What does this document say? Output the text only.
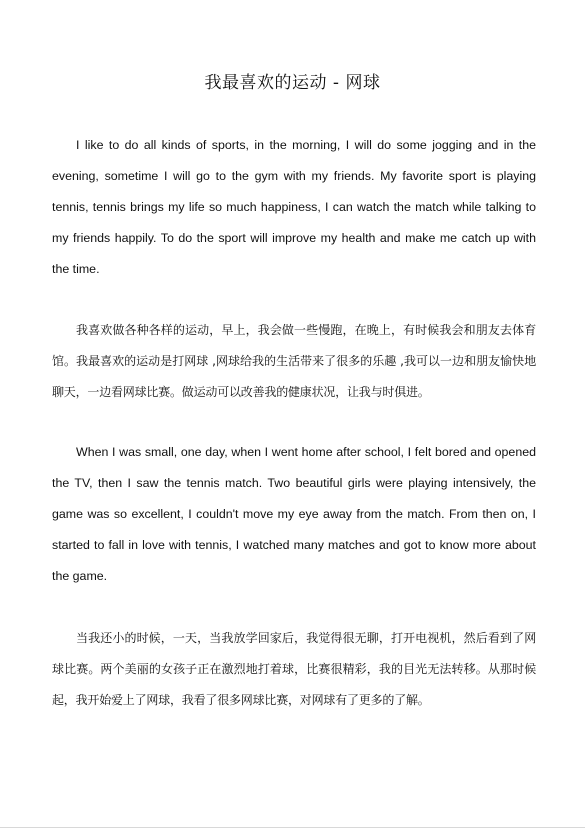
我最喜欢的运动 - 网球

I like to do all kinds of sports, in the morning, I will do some jogging and in the evening, sometime I will go to the gym with my friends. My favorite sport is playing tennis, tennis brings my life so much happiness, I can watch the match while talking to my friends happily. To do the sport will improve my health and make me catch up with the time.

我喜欢做各种各样的运动，早上，我会做一些慢跑，在晚上，有时候我会和朋友去体育馆。我最喜欢的运动是打网球 ,网球给我的生活带来了很多的乐趣 ,我可以一边和朋友愉快地聊天，一边看网球比赛。做运动可以改善我的健康状况，让我与时俱进。

When I was small, one day, when I went home after school, I felt bored and opened the TV, then I saw the tennis match. Two beautiful girls were playing intensively, the game was so excellent, I couldn't move my eye away from the match. From then on, I started to fall in love with tennis, I watched many matches and got to know more about the game.

当我还小的时候，一天，当我放学回家后，我觉得很无聊，打开电视机，然后看到了网球比赛。两个美丽的女孩子正在激烈地打着球，比赛很精彩，我的目光无法转移。从那时候起，我开始爱上了网球，我看了很多网球比赛，对网球有了更多的了解。
